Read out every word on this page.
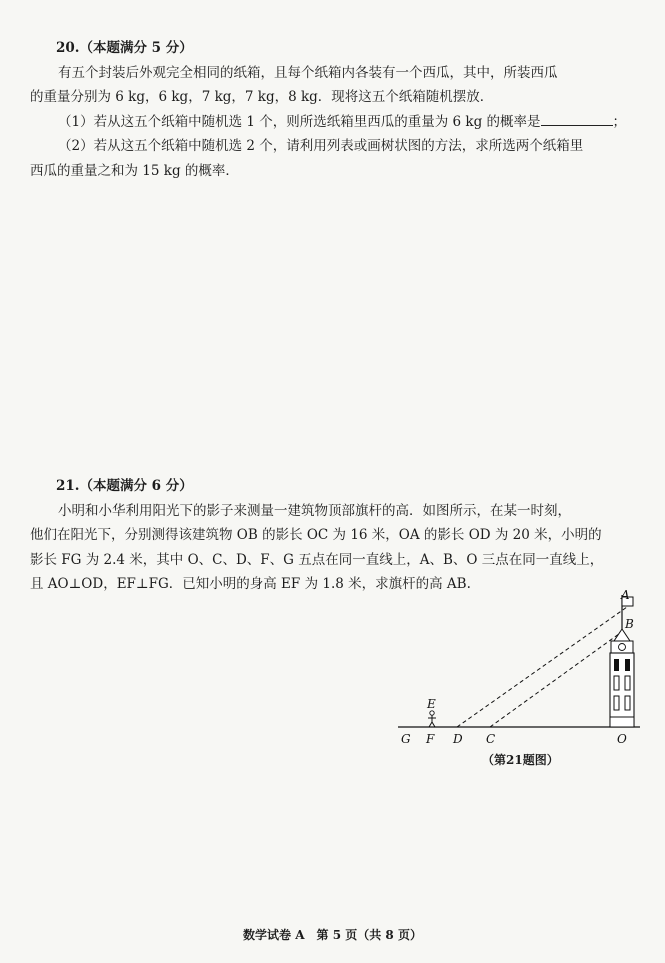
20.（本题满分 5 分）
有五个封装后外观完全相同的纸箱，且每个纸箱内各装有一个西瓜，其中，所装西瓜
的重量分别为 6 kg，6 kg，7 kg，7 kg，8 kg．现将这五个纸箱随机摆放．
（1）若从这五个纸箱中随机选 1 个，则所选纸箱里西瓜的重量为 6 kg 的概率是	；
（2）若从这五个纸箱中随机选 2 个，请利用列表或画树状图的方法，求所选两个纸箱里
西瓜的重量之和为 15 kg 的概率．
21.（本题满分 6 分）
小明和小华利用阳光下的影子来测量一建筑物顶部旗杆的高．如图所示，在某一时刻，
他们在阳光下，分别测得该建筑物 OB 的影长 OC 为 16 米，OA 的影长 OD 为 20 米，小明的
影长 FG 为 2.4 米，其中 O、C、D、F、G 五点在同一直线上，A、B、O 三点在同一直线上，
且 AO⊥OD，EF⊥FG．已知小明的身高 EF 为 1.8 米，求旗杆的高 AB.
A
B
E
G F D C	O
（第21题图）
数学试卷 A　第 5 页（共 8 页）
